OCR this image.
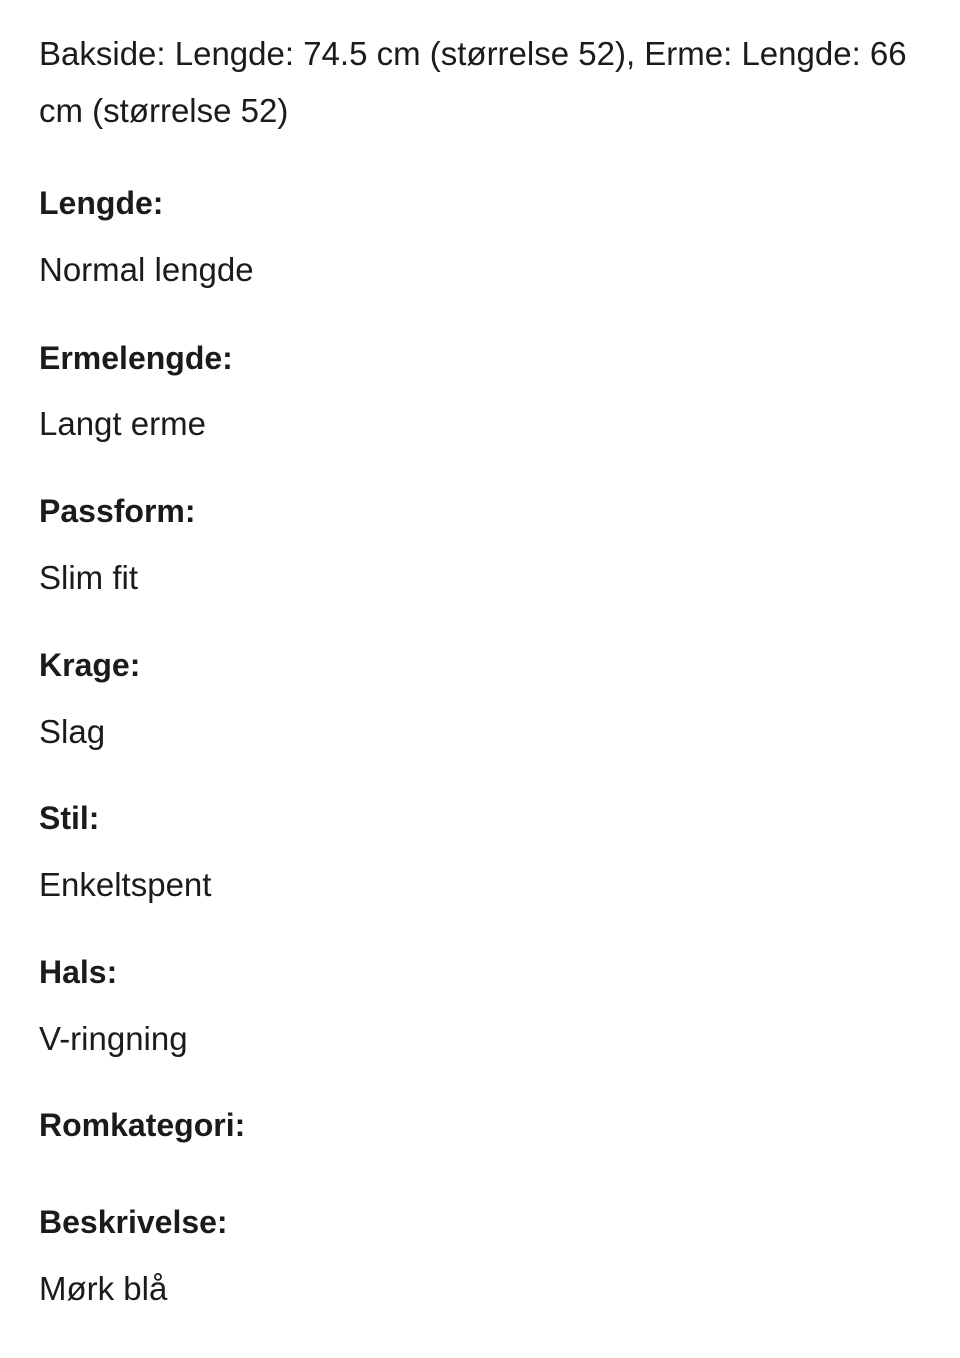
Bakside: Lengde: 74.5 cm (størrelse 52), Erme: Lengde: 66 cm (størrelse 52)

Lengde:
Normal lengde
Ermelengde:
Langt erme
Passform:
Slim fit
Krage:
Slag
Stil:
Enkeltspent
Hals:
V-ringning
Romkategori:
Beskrivelse:
Mørk blå
